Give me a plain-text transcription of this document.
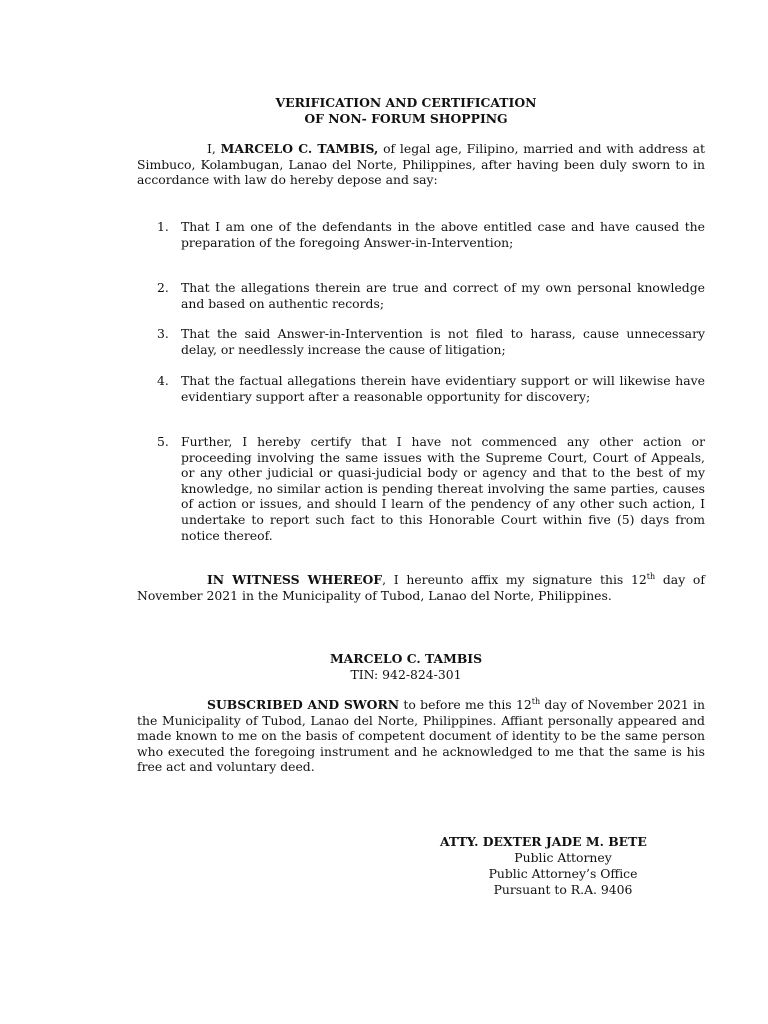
VERIFICATION AND CERTIFICATION
OF NON- FORUM SHOPPING
I, MARCELO C. TAMBIS, of legal age, Filipino, married and with address at Simbuco, Kolambugan, Lanao del Norte, Philippines, after having been duly sworn to in accordance with law do hereby depose and say:
1. That I am one of the defendants in the above entitled case and have caused the preparation of the foregoing Answer-in-Intervention;
2. That the allegations therein are true and correct of my own personal knowledge and based on authentic records;
3. That the said Answer-in-Intervention is not filed to harass, cause unnecessary delay, or needlessly increase the cause of litigation;
4. That the factual allegations therein have evidentiary support or will likewise have evidentiary support after a reasonable opportunity for discovery;
5. Further, I hereby certify that I have not commenced any other action or proceeding involving the same issues with the Supreme Court, Court of Appeals, or any other judicial or quasi-judicial body or agency and that to the best of my knowledge, no similar action is pending thereat involving the same parties, causes of action or issues, and should I learn of the pendency of any other such action, I undertake to report such fact to this Honorable Court within five (5) days from notice thereof.
IN WITNESS WHEREOF, I hereunto affix my signature this 12th day of November 2021 in the Municipality of Tubod, Lanao del Norte, Philippines.
MARCELO C. TAMBIS
TIN: 942-824-301
SUBSCRIBED AND SWORN to before me this 12th day of November 2021 in the Municipality of Tubod, Lanao del Norte, Philippines. Affiant personally appeared and made known to me on the basis of competent document of identity to be the same person who executed the foregoing instrument and he acknowledged to me that the same is his free act and voluntary deed.
ATTY. DEXTER JADE M. BETE
Public Attorney
Public Attorney’s Office
Pursuant to R.A. 9406
